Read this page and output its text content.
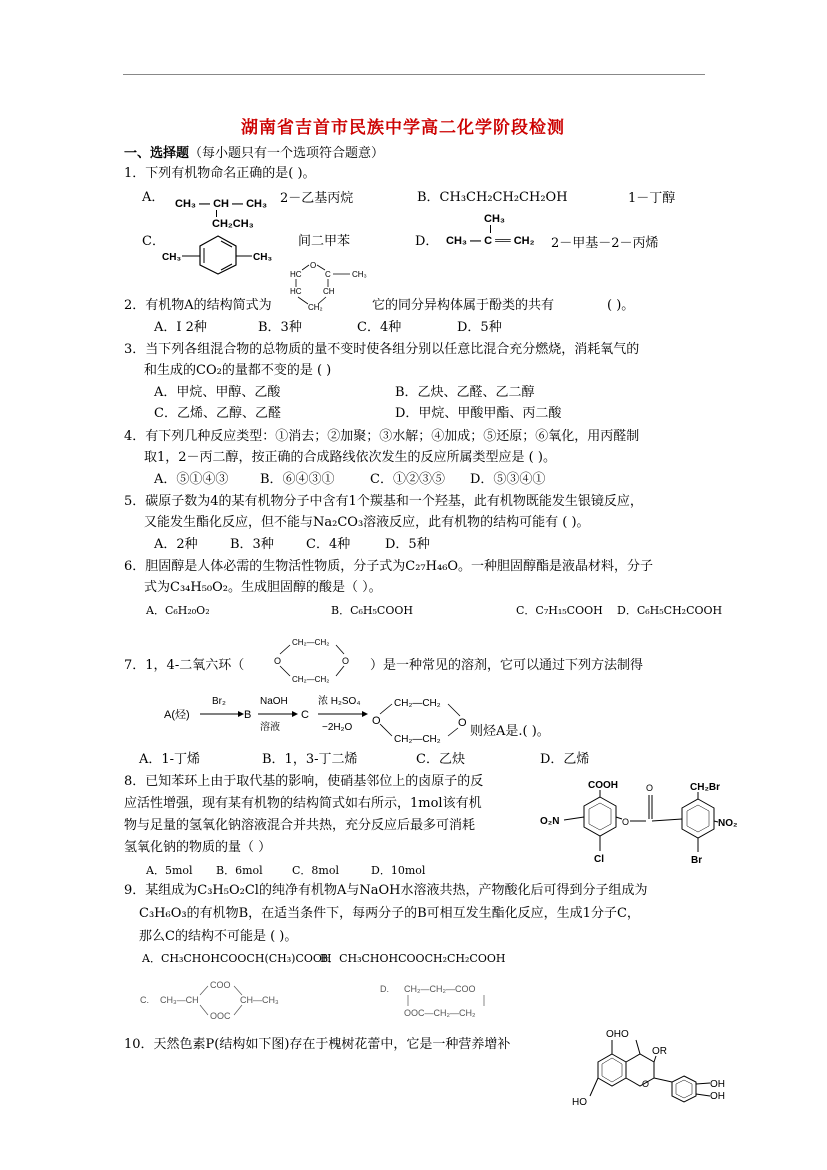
湖南省吉首市民族中学高二化学阶段检测
一、选择题（每小题只有一个选项符合题意）
1．下列有机物命名正确的是( )。
A． CH₃ — CH — CH₃
CH₂CH₃
2－乙基丙烷	B．CH₃CH₂CH₂CH₂OH	1－丁醇
C．
CH₃	CH₃
间二甲苯	D．
CH₃
CH₃ — C ══ CH₂ 2－甲基－2－丙烯
2．有机物A的结构简式为
O
HC	C	CH₃
HC	CH
CH₂	它的同分异构体属于酚类的共有	( )。
A．I 2种	B．3种	C．4种	D．5种
3．当下列各组混合物的总物质的量不变时使各组分别以任意比混合充分燃烧，消耗氧气的
和生成的CO₂的量都不变的是 ( )
A．甲烷、甲醇、乙酸	B．乙炔、乙醛、乙二醇
C．乙烯、乙醇、乙醛	D．甲烷、甲酸甲酯、丙二酸
4．有下列几种反应类型：①消去；②加聚；③水解；④加成；⑤还原；⑥氧化，用丙醛制
取1，2－丙二醇，按正确的合成路线依次发生的反应所属类型应是 ( )。
A．⑤①④③ B．⑥④③①	C．①②③⑤ D．⑤③④①
5．碳原子数为4的某有机物分子中含有1个羰基和一个羟基，此有机物既能发生银镜反应，
又能发生酯化反应，但不能与Na₂CO₃溶液反应，此有机物的结构可能有 ( )。
A．2种 B．3种 C．4种	D．5种
6．胆固醇是人体必需的生物活性物质，分子式为C₂₇H₄₆O。一种胆固醇酯是液晶材料，分子
式为C₃₄H₅₀O₂。生成胆固醇的酸是（ ）。
A．C₆H₂₀O₂	B．C₆H₅COOH	C．C₇H₁₅COOH D．C₆H₅CH₂COOH
7．1，4-二氧六环（
CH₂—CH₂
CH₂—CH₂
O	O ）是一种常见的溶剂，它可以通过下列方法制得
A(烃)
Br₂
B
NaOH
溶液
C
浓 H₂SO₄
−2H₂O
CH₂—CH₂
CH₂—CH₂
O	O
则烃A是.( )。
A．1-丁烯	B．1，3-丁二烯	C．乙炔	D．乙烯
8．已知苯环上由于取代基的影响，使硝基邻位上的卤原子的反
应活性增强，现有某有机物的结构简式如右所示，1mol该有机
物与足量的氢氧化钠溶液混合并共热，充分反应后最多可消耗
氢氧化钠的物质的量（ ）
COOH	CH₂Br
O₂N	NO₂
Cl	Br
O
O
A．5mol B．6mol	C．8mol	D．10mol
9．某组成为C₃H₅O₂Cl的纯净有机物A与NaOH水溶液共热，产物酸化后可得到分子组成为
C₃H₆O₃的有机物B，在适当条件下，每两分子的B可相互发生酯化反应，生成1分子C，
那么C的结构不可能是 ( )。
A．CH₃CHOHCOOCH(CH₃)COOH
B．CH₃CHOHCOOCH₂CH₂COOH
C. CH₃—CH
COO
OOC
CH—CH₃
D. CH₂—CH₂—COO
OOC—CH₂—CH₂
10．天然色素P(结构如下图)存在于槐树花蕾中，它是一种营养增补
OHO
OR
O	OH
OH
HO
